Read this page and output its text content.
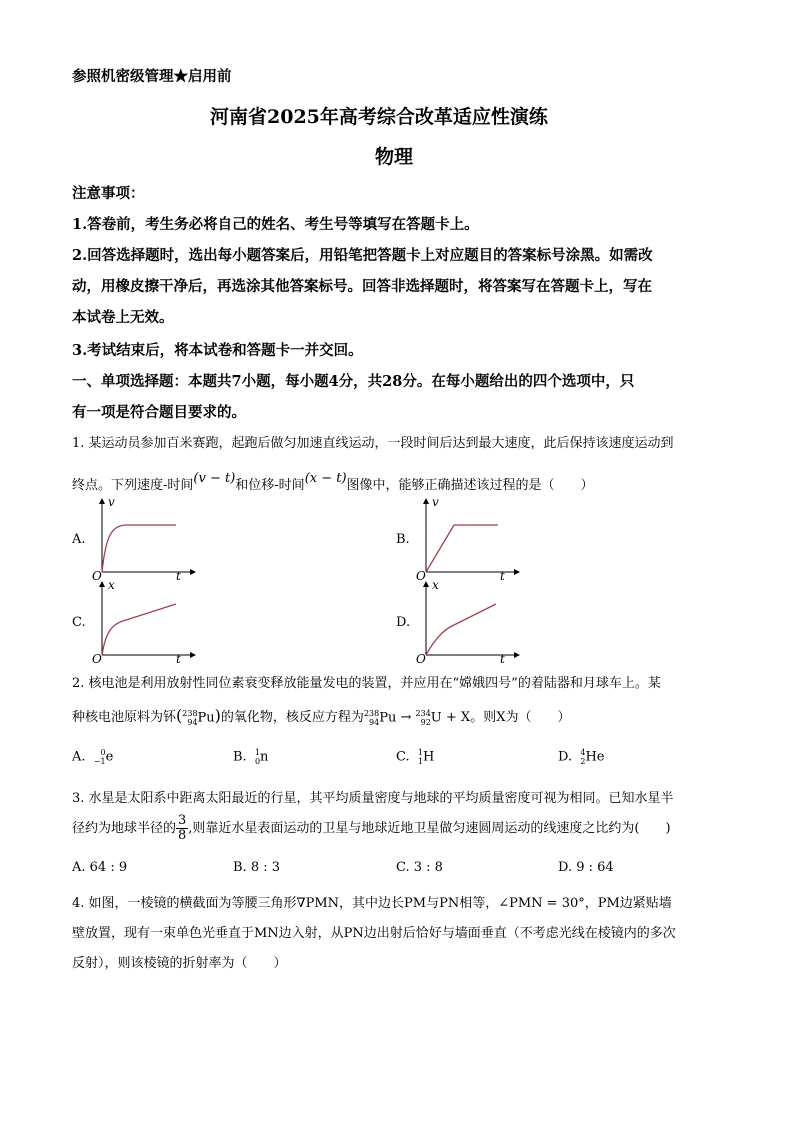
参照机密级管理★启用前
河南省2025年高考综合改革适应性演练
物理
注意事项：
1.答卷前，考生务必将自己的姓名、考生号等填写在答题卡上。
2.回答选择题时，选出每小题答案后，用铅笔把答题卡上对应题目的答案标号涂黑。如需改
动，用橡皮擦干净后，再选涂其他答案标号。回答非选择题时，将答案写在答题卡上，写在
本试卷上无效。
3.考试结束后，将本试卷和答题卡一并交回。
一、单项选择题：本题共7小题，每小题4分，共28分。在每小题给出的四个选项中，只
有一项是符合题目要求的。
1. 某运动员参加百米赛跑，起跑后做匀加速直线运动，一段时间后达到最大速度，此后保持该速度运动到
终点。下列速度-时间(v − t)和位移-时间(x − t)图像中，能够正确描述该过程的是（　　）
A.
v
O	t
B.
v
O	t
C.
x
O	t
D.
x
O	t
2. 核电池是利用放射性同位素衰变释放能量发电的装置，并应用在“嫦娥四号”的着陆器和月球车上。某
种核电池原料为钚( 238
94 Pu)的氧化物，核反应方程为 238
94 Pu → 234
92 U + X。则X为（　　）
A.	0
−1 e	B. 1
0 n	C. 1
1 H	D. 4
2 He
3. 水星是太阳系中距离太阳最近的行星，其平均质量密度与地球的平均质量密度可视为相同。已知水星半
径约为地球半径的 $\frac{3}{8}$ ,则靠近水星表面运动的卫星与地球近地卫星做匀速圆周运动的线速度之比约为(　　)
A. 64 : 9	B. 8 : 3	C. 3 : 8	D. 9 : 64
4. 如图，一棱镜的横截面为等腰三角形∇PMN，其中边长PM与PN相等，∠PMN = 30°，PM边紧贴墙
壁放置，现有一束单色光垂直于MN边入射，从PN边出射后恰好与墙面垂直（不考虑光线在棱镜内的多次
反射），则该棱镜的折射率为（　　）
